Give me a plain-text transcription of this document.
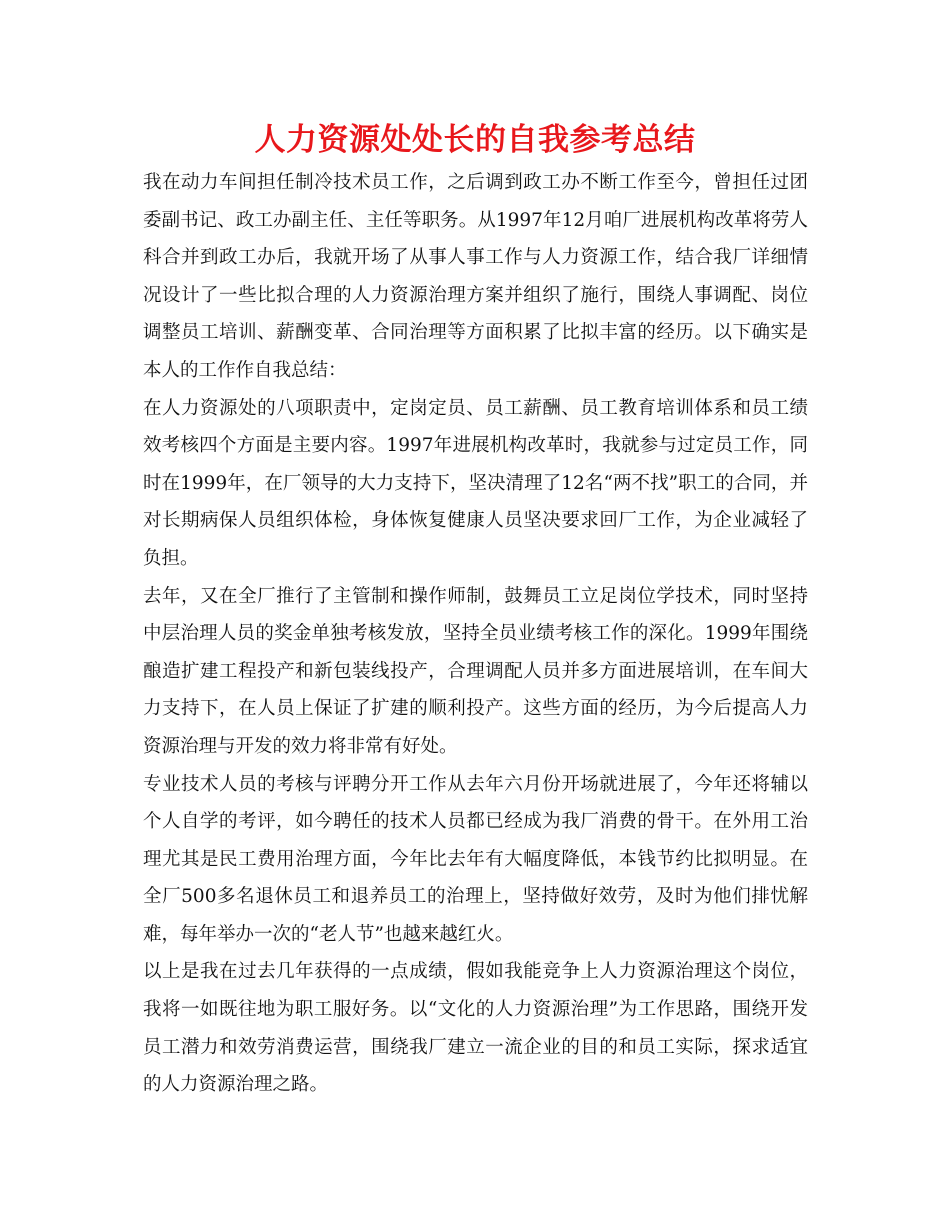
人力资源处处长的自我参考总结

我在动力车间担任制冷技术员工作，之后调到政工办不断工作至今，曾担任过团委副书记、政工办副主任、主任等职务。从1997年12月咱厂进展机构改革将劳人科合并到政工办后，我就开场了从事人事工作与人力资源工作，结合我厂详细情况设计了一些比拟合理的人力资源治理方案并组织了施行，围绕人事调配、岗位调整员工培训、薪酬变革、合同治理等方面积累了比拟丰富的经历。以下确实是本人的工作作自我总结：

在人力资源处的八项职责中，定岗定员、员工薪酬、员工教育培训体系和员工绩效考核四个方面是主要内容。1997年进展机构改革时，我就参与过定员工作，同时在1999年，在厂领导的大力支持下，坚决清理了12名“两不找”职工的合同，并对长期病保人员组织体检，身体恢复健康人员坚决要求回厂工作，为企业减轻了负担。

去年，又在全厂推行了主管制和操作师制，鼓舞员工立足岗位学技术，同时坚持中层治理人员的奖金单独考核发放，坚持全员业绩考核工作的深化。1999年围绕酿造扩建工程投产和新包装线投产，合理调配人员并多方面进展培训，在车间大力支持下，在人员上保证了扩建的顺利投产。这些方面的经历，为今后提高人力资源治理与开发的效力将非常有好处。

专业技术人员的考核与评聘分开工作从去年六月份开场就进展了，今年还将辅以个人自学的考评，如今聘任的技术人员都已经成为我厂消费的骨干。在外用工治理尤其是民工费用治理方面，今年比去年有大幅度降低，本钱节约比拟明显。在全厂500多名退休员工和退养员工的治理上，坚持做好效劳，及时为他们排忧解难，每年举办一次的“老人节”也越来越红火。

以上是我在过去几年获得的一点成绩，假如我能竞争上人力资源治理这个岗位，我将一如既往地为职工服好务。以“文化的人力资源治理”为工作思路，围绕开发员工潜力和效劳消费运营，围绕我厂建立一流企业的目的和员工实际，探求适宜的人力资源治理之路。
